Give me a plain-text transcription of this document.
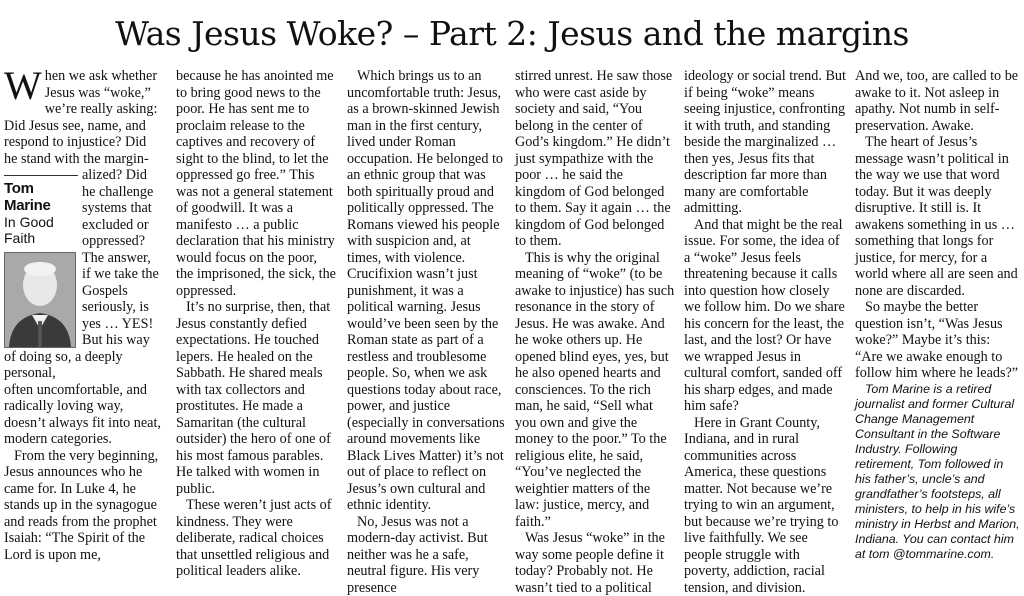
Was Jesus Woke? – Part 2: Jesus and the margins

When we ask whether Jesus was “woke,” we’re really asking: Did Jesus see, name, and respond to injustice? Did he stand with the margin-

Tom Marine
In Good Faith

alized? Did he challenge systems that excluded or oppressed? The answer, if we take the Gospels seriously, is yes … YES! But his way of doing so, a deeply personal,

often uncomfortable, and radically loving way, doesn’t always fit into neat, modern categories.

From the very beginning, Jesus announces who he came for. In Luke 4, he stands up in the synagogue and reads from the prophet Isaiah: “The Spirit of the Lord is upon me,

because he has anointed me to bring good news to the poor. He has sent me to proclaim release to the captives and recovery of sight to the blind, to let the oppressed go free.” This was not a general statement of goodwill. It was a manifesto … a public declaration that his ministry would focus on the poor, the imprisoned, the sick, the oppressed.

It’s no surprise, then, that Jesus constantly defied expectations. He touched lepers. He healed on the Sabbath. He shared meals with tax collectors and prostitutes. He made a Samaritan (the cultural outsider) the hero of one of his most famous parables. He talked with women in public.

These weren’t just acts of kindness. They were deliberate, radical choices that unsettled religious and political leaders alike.

Which brings us to an uncomfortable truth: Jesus, as a brown-skinned Jewish man in the first century, lived under Roman occupation. He belonged to an ethnic group that was both spiritually proud and politically oppressed. The Romans viewed his people with suspicion and, at times, with violence. Crucifixion wasn’t just punishment, it was a political warning. Jesus would’ve been seen by the Roman state as part of a restless and troublesome people. So, when we ask questions today about race, power, and justice (especially in conversations around movements like Black Lives Matter) it’s not out of place to reflect on Jesus’s own cultural and ethnic identity.

No, Jesus was not a modern-day activist. But neither was he a safe, neutral figure. His very presence

stirred unrest. He saw those who were cast aside by society and said, “You belong in the center of God’s kingdom.” He didn’t just sympathize with the poor … he said the kingdom of God belonged to them. Say it again … the kingdom of God belonged to them.

This is why the original meaning of “woke” (to be awake to injustice) has such resonance in the story of Jesus. He was awake. And he woke others up. He opened blind eyes, yes, but he also opened hearts and consciences. To the rich man, he said, “Sell what you own and give the money to the poor.” To the religious elite, he said, “You’ve neglected the weightier matters of the law: justice, mercy, and faith.”

Was Jesus “woke” in the way some people define it today? Probably not. He wasn’t tied to a political

ideology or social trend. But if being “woke” means seeing injustice, confronting it with truth, and standing beside the marginalized … then yes, Jesus fits that description far more than many are comfortable admitting.

And that might be the real issue. For some, the idea of a “woke” Jesus feels threatening because it calls into question how closely we follow him. Do we share his concern for the least, the last, and the lost? Or have we wrapped Jesus in cultural comfort, sanded off his sharp edges, and made him safe?

Here in Grant County, Indiana, and in rural communities across America, these questions matter. Not because we’re trying to win an argument, but because we’re trying to live faithfully. We see people struggle with poverty, addiction, racial tension, and division.

And we, too, are called to be awake to it. Not asleep in apathy. Not numb in self-preservation. Awake.

The heart of Jesus’s message wasn’t political in the way we use that word today. But it was deeply disruptive. It still is. It awakens something in us … something that longs for justice, for mercy, for a world where all are seen and none are discarded.

So maybe the better question isn’t, “Was Jesus woke?” Maybe it’s this: “Are we awake enough to follow him where he leads?”

Tom Marine is a retired journalist and former Cultural Change Management Consultant in the Software Industry. Following retirement, Tom followed in his father’s, uncle’s and grandfather’s footsteps, all ministers, to help in his wife’s ministry in Herbst and Marion, Indiana. You can contact him at tom @tommarine.com.
